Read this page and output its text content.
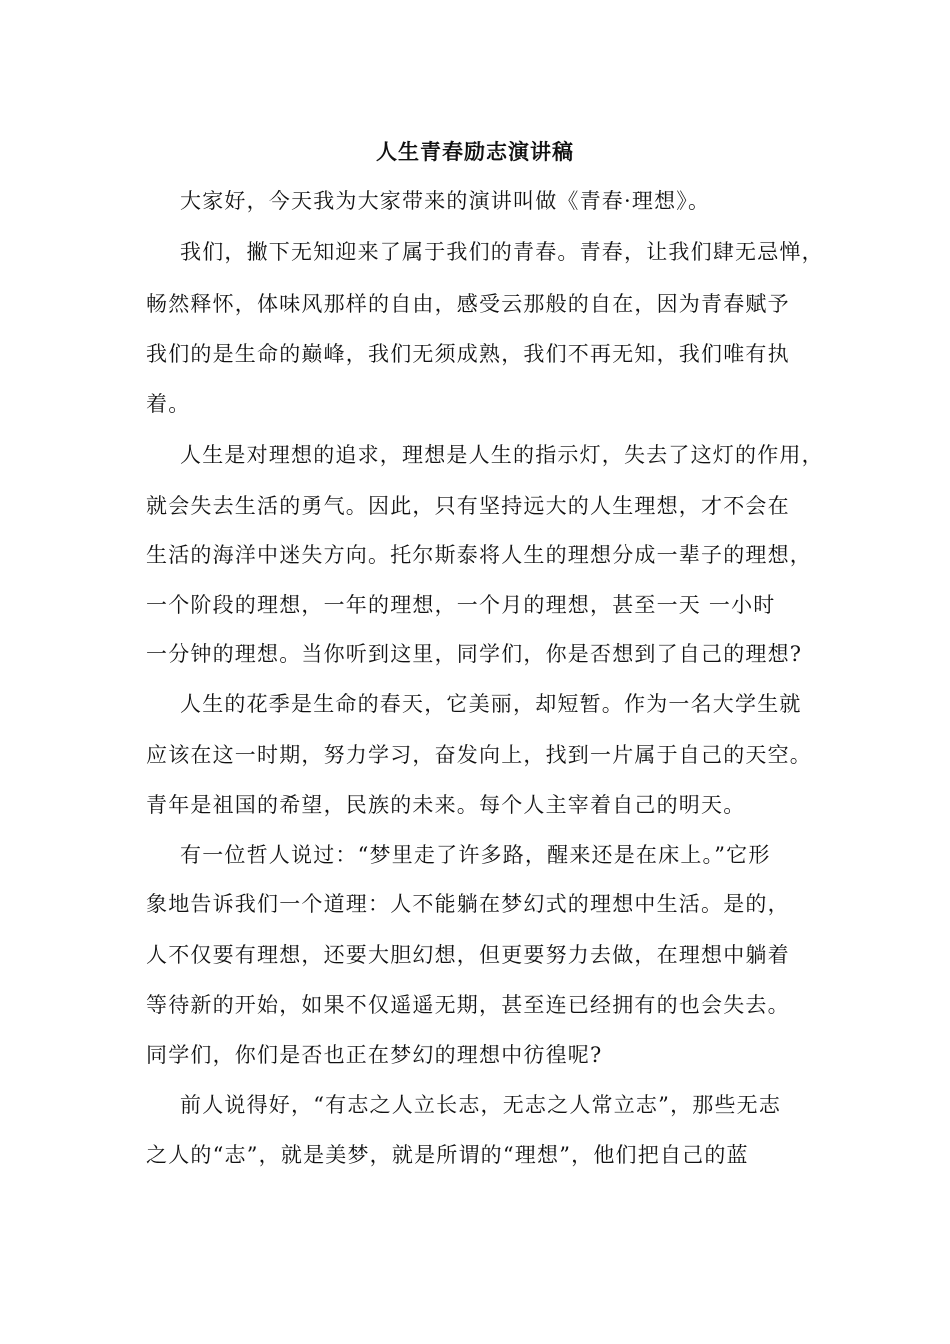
人生青春励志演讲稿
大家好，今天我为大家带来的演讲叫做《青春·理想》。
我们，撇下无知迎来了属于我们的青春。青春，让我们肆无忌惮，
畅然释怀，体味风那样的自由，感受云那般的自在，因为青春赋予
我们的是生命的巅峰，我们无须成熟，我们不再无知，我们唯有执
着。
人生是对理想的追求，理想是人生的指示灯，失去了这灯的作用，
就会失去生活的勇气。因此，只有坚持远大的人生理想，才不会在
生活的海洋中迷失方向。托尔斯泰将人生的理想分成一辈子的理想，
一个阶段的理想，一年的理想，一个月的理想，甚至一天 一小时
一分钟的理想。当你听到这里，同学们，你是否想到了自己的理想?
人生的花季是生命的春天，它美丽，却短暂。作为一名大学生就
应该在这一时期，努力学习，奋发向上，找到一片属于自己的天空。
青年是祖国的希望，民族的未来。每个人主宰着自己的明天。
有一位哲人说过：“梦里走了许多路，醒来还是在床上。”它形
象地告诉我们一个道理：人不能躺在梦幻式的理想中生活。是的，
人不仅要有理想，还要大胆幻想，但更要努力去做，在理想中躺着
等待新的开始，如果不仅遥遥无期，甚至连已经拥有的也会失去。
同学们，你们是否也正在梦幻的理想中彷徨呢?
前人说得好，“有志之人立长志，无志之人常立志”，那些无志
之人的“志”，就是美梦，就是所谓的“理想”，他们把自己的蓝
